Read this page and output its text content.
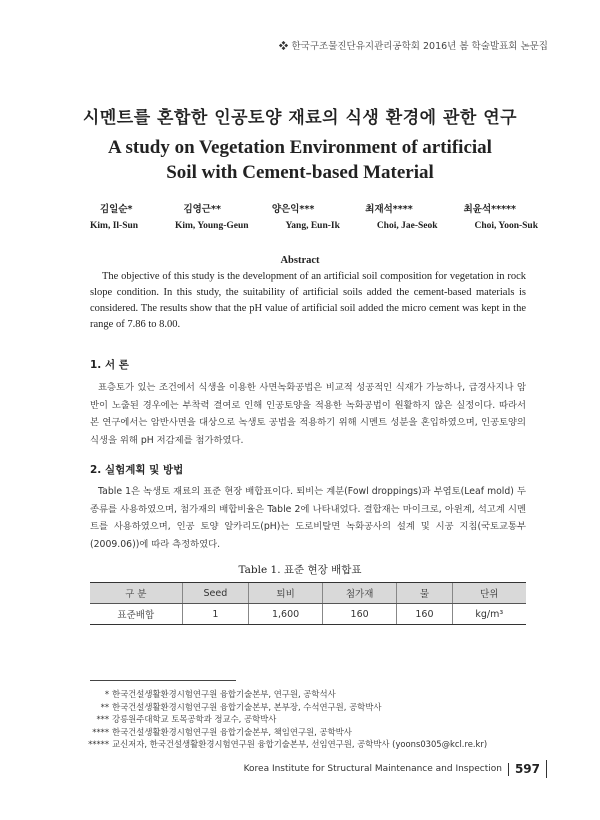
한국구조물진단유지관리공학회 2016년 봄 학술발표회 논문집
시멘트를 혼합한 인공토양 재료의 식생 환경에 관한 연구
A study on Vegetation Environment of artificial
Soil with Cement-based Material
김일순*	김영근**	양은익***	최재석****	최윤석*****
Kim, Il-Sun	Kim, Young-Geun	Yang, Eun-Ik	Choi, Jae-Seok	Choi, Yoon-Suk
Abstract

The objective of this study is the development of an artificial soil composition for vegetation in rock slope condition. In this study, the suitability of artificial soils added the cement-based materials is considered. The results show that the pH value of artificial soil added the micro cement was kept in the range of 7.86 to 8.00.

1. 서 론

표층토가 있는 조건에서 식생을 이용한 사면녹화공법은 비교적 성공적인 식재가 가능하나, 급경사지나 암반이 노출된 경우에는 부착력 결여로 인해 인공토양을 적용한 녹화공법이 원활하지 않은 실정이다. 따라서 본 연구에서는 암반사면을 대상으로 녹생토 공법을 적용하기 위해 시멘트 성분을 혼입하였으며, 인공토양의 식생을 위해 pH 저감제를 첨가하였다.

2. 실험계획 및 방법

Table 1은 녹생토 재료의 표준 현장 배합표이다. 퇴비는 계분(Fowl droppings)과 부엽토(Leaf mold) 두 종류를 사용하였으며, 첨가재의 배합비율은 Table 2에 나타내었다. 결합재는 마이크로, 아윈계, 석고계 시멘트를 사용하였으며, 인공 토양 알카리도(pH)는 도로비탈면 녹화공사의 설계 및 시공 지침(국토교통부(2009.06))에 따라 측정하였다.

Table 1. 표준 현장 배합표
구 분	Seed	퇴비	첨가재	물	단위
표준배합	1	1,600	160	160	kg/m³
* 한국건설생활환경시험연구원 융합기술본부, 연구원, 공학석사
** 한국건설생활환경시험연구원 융합기술본부, 본부장, 수석연구원, 공학박사
*** 강릉원주대학교 토목공학과 정교수, 공학박사
**** 한국건설생활환경시험연구원 융합기술본부, 책임연구원, 공학박사
***** 교신저자, 한국건설생활환경시험연구원 융합기술본부, 선임연구원, 공학박사 (yoons0305@kcl.re.kr)
Korea Institute for Structural Maintenance and Inspection 597
